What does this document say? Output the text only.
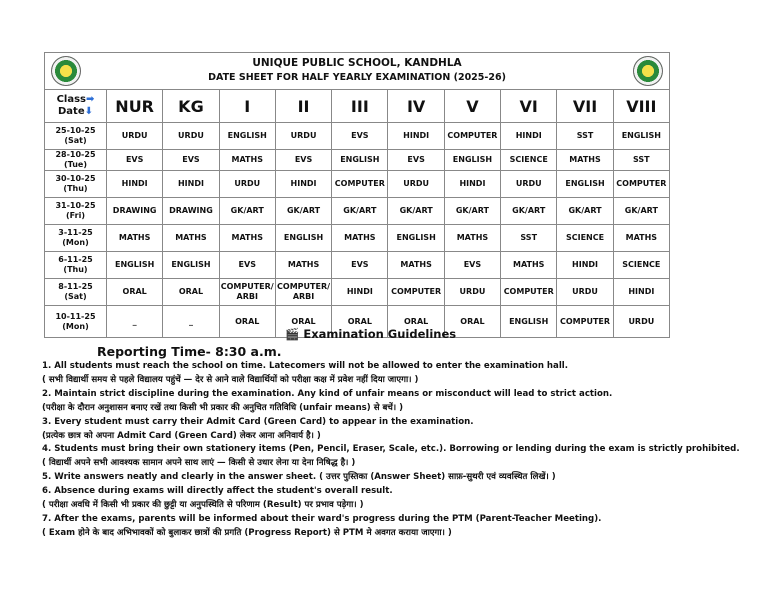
UNIQUE PUBLIC SCHOOL, KANDHLA
DATE SHEET FOR HALF YEARLY EXAMINATION (2025-26)
Class➡
Date⬇	NUR	KG	I	II	III	IV	V	VI	VII	VIII
25-10-25
(Sat)	URDU	URDU	ENGLISH	URDU	EVS	HINDI	COMPUTER	HINDI	SST	ENGLISH
28-10-25 (Tue)	EVS	EVS	MATHS	EVS	ENGLISH	EVS	ENGLISH	SCIENCE	MATHS	SST
30-10-25
(Thu)	HINDI	HINDI	URDU	HINDI	COMPUTER	URDU	HINDI	URDU	ENGLISH	COMPUTER
31-10-25
(Fri)	DRAWING	DRAWING	GK/ART	GK/ART	GK/ART	GK/ART	GK/ART	GK/ART	GK/ART	GK/ART
3-11-25
(Mon)	MATHS	MATHS	MATHS	ENGLISH	MATHS	ENGLISH	MATHS	SST	SCIENCE	MATHS
6-11-25
(Thu)	ENGLISH	ENGLISH	EVS	MATHS	EVS	MATHS	EVS	MATHS	HINDI	SCIENCE
8-11-25
(Sat)	ORAL	ORAL	COMPUTER/ ARBI	COMPUTER/ ARBI	HINDI	COMPUTER	URDU	COMPUTER	URDU	HINDI
10-11-25
(Mon)	_	_	ORAL	ORAL	ORAL	ORAL	ORAL	ENGLISH	COMPUTER	URDU
🎬 Examination Guidelines
Reporting Time- 8:30 a.m.
1. All students must reach the school on time. Latecomers will not be allowed to enter the examination hall.
( सभी विद्यार्थी समय से पहले विद्यालय पहुंचें — देर से आने वाले विद्यार्थियों को परीक्षा कक्ष में प्रवेश नहीं दिया जाएगा। )
2. Maintain strict discipline during the examination. Any kind of unfair means or misconduct will lead to strict action.
(परीक्षा के दौरान अनुशासन बनाए रखें तथा किसी भी प्रकार की अनुचित गतिविधि (unfair means) से बचें। )
3. Every student must carry their Admit Card (Green Card) to appear in the examination.
(प्रत्येक छात्र को अपना Admit Card (Green Card) लेकर आना अनिवार्य है। )
4. Students must bring their own stationery items (Pen, Pencil, Eraser, Scale, etc.). Borrowing or lending during the exam is strictly prohibited.
( विद्यार्थी अपने सभी आवश्यक सामान अपने साथ लाएं — किसी से उधार लेना या देना निषिद्ध है। )
5. Write answers neatly and clearly in the answer sheet. ( उत्तर पुस्तिका (Answer Sheet) साफ़-सुथरी एवं व्यवस्थित लिखें। )
6. Absence during exams will directly affect the student's overall result.
( परीक्षा अवधि में किसी भी प्रकार की छुट्टी या अनुपस्थिति से परिणाम (Result) पर प्रभाव पड़ेगा। )
7. After the exams, parents will be informed about their ward's progress during the PTM (Parent-Teacher Meeting).
( Exam होने के बाद अभिभावकों को बुलाकर छात्रों की प्रगति (Progress Report) से PTM मे अवगत कराया जाएगा। )
